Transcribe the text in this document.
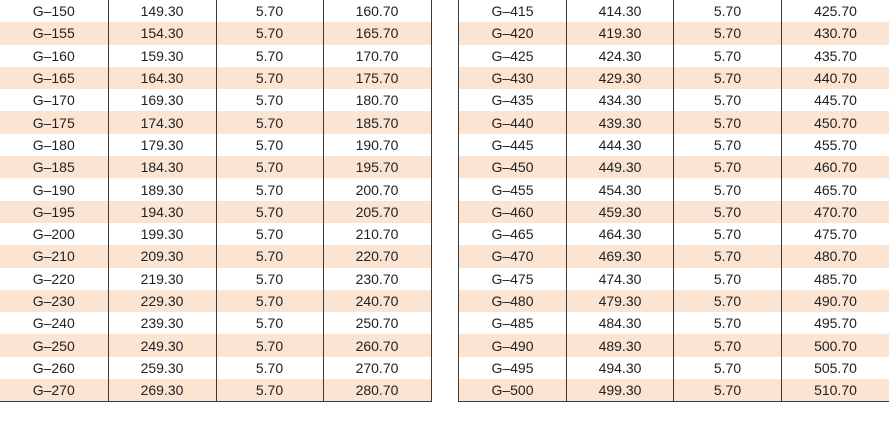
G–150	149.30	5.70	160.70
G–155	154.30	5.70	165.70
G–160	159.30	5.70	170.70
G–165	164.30	5.70	175.70
G–170	169.30	5.70	180.70
G–175	174.30	5.70	185.70
G–180	179.30	5.70	190.70
G–185	184.30	5.70	195.70
G–190	189.30	5.70	200.70
G–195	194.30	5.70	205.70
G–200	199.30	5.70	210.70
G–210	209.30	5.70	220.70
G–220	219.30	5.70	230.70
G–230	229.30	5.70	240.70
G–240	239.30	5.70	250.70
G–250	249.30	5.70	260.70
G–260	259.30	5.70	270.70
G–270	269.30	5.70	280.70
G–415	414.30	5.70	425.70
G–420	419.30	5.70	430.70
G–425	424.30	5.70	435.70
G–430	429.30	5.70	440.70
G–435	434.30	5.70	445.70
G–440	439.30	5.70	450.70
G–445	444.30	5.70	455.70
G–450	449.30	5.70	460.70
G–455	454.30	5.70	465.70
G–460	459.30	5.70	470.70
G–465	464.30	5.70	475.70
G–470	469.30	5.70	480.70
G–475	474.30	5.70	485.70
G–480	479.30	5.70	490.70
G–485	484.30	5.70	495.70
G–490	489.30	5.70	500.70
G–495	494.30	5.70	505.70
G–500	499.30	5.70	510.70
